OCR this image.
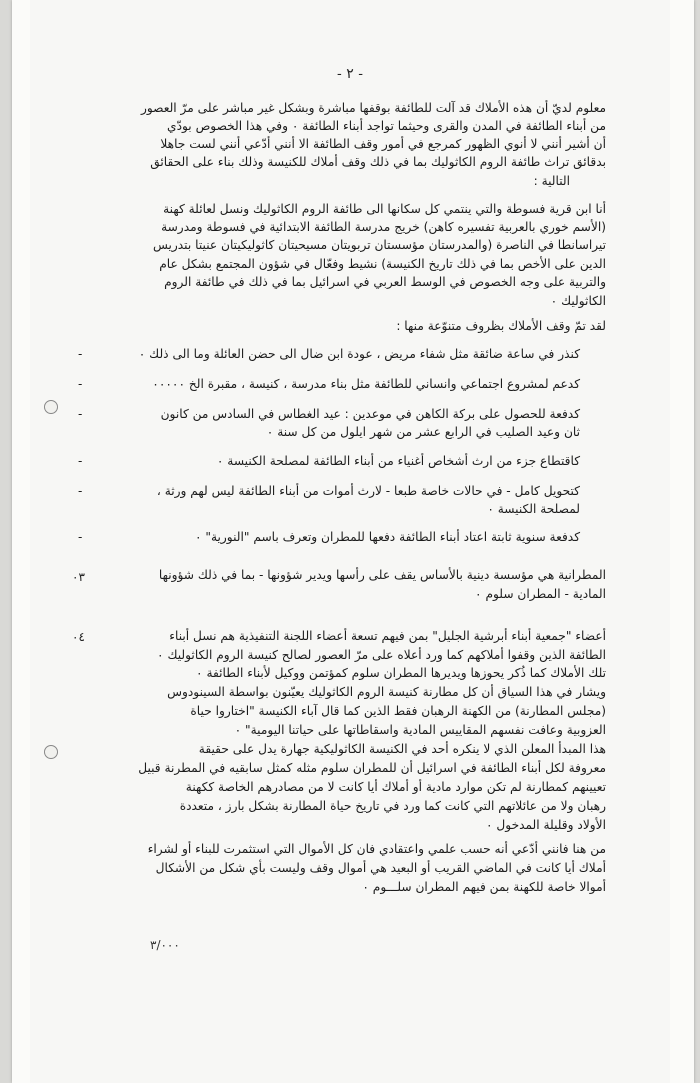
- ٢ -
معلوم لديّ أن هذه الأملاك قد آلت للطائفة بوقفها مباشرة وبشكل غير مباشر على مرّ العصور
من أبناء الطائفة في المدن والقرى وحيثما تواجد أبناء الطائفة ٠ وفي هذا الخصوص بودّي
أن أشير أنني لا أنوي الظهور كمرجع في أمور وقف الطائفة الا أنني أدّعي أنني لست جاهلا
بدقائق تراث طائفة الروم الكاثوليك بما في ذلك وقف أملاك للكنيسة وذلك بناء على الحقائق
التالية :
أنا ابن قرية فسوطة والتي ينتمي كل سكانها الى طائفة الروم الكاثوليك ونسل لعائلة كهنة
(الأسم خوري بالعربية تفسيره كاهن) خريج مدرسة الطائفة الابتدائية في فسوطة ومدرسة
تيراسانطا في الناصرة (والمدرستان مؤسستان تربويتان مسيحيتان كاثوليكيتان عنيتا بتدريس
الدين على الأخص بما في ذلك تاريخ الكنيسة) نشيط وفعّال في شؤون المجتمع بشكل عام
والتربية على وجه الخصوص في الوسط العربي في اسرائيل بما في ذلك في طائفة الروم
الكاثوليك ٠
لقد تمّ وقف الأملاك بظروف متنوّعة منها :
-	كنذر في ساعة ضائقة مثل شفاء مريض ، عودة ابن ضال الى حضن العائلة وما الى ذلك ٠
-	كدعم لمشروع اجتماعي وانساني للطائفة مثل بناء مدرسة ، كنيسة ، مقبرة الخ ٠٠٠٠٠
-	كدفعة للحصول على بركة الكاهن في موعدين : عيد الغطاس في السادس من كانون
ثان وعيد الصليب في الرابع عشر من شهر ايلول من كل سنة ٠
-	كاقتطاع جزء من ارث أشخاص أغنياء من أبناء الطائفة لمصلحة الكنيسة ٠
-	كتحويل كامل - في حالات خاصة طبعا - لارث أموات من أبناء الطائفة ليس لهم ورثة ،
لمصلحة الكنيسة ٠
-	كدفعة سنوية ثابتة اعتاد أبناء الطائفة دفعها للمطران وتعرف باسم "النورية" ٠
٠٣	المطرانية هي مؤسسة دينية بالأساس يقف على رأسها ويدير شؤونها - بما في ذلك شؤونها
المادية - المطران سلوم ٠
٠٤	أعضاء "جمعية أبناء أبرشية الجليل" بمن فيهم تسعة أعضاء اللجنة التنفيذية هم نسل أبناء
الطائفة الذين وقفوا أملاكهم كما ورد أعلاه على مرّ العصور لصالح كنيسة الروم الكاثوليك ٠
تلك الأملاك كما ذُكر يحوزها ويديرها المطران سلوم كمؤتمن ووكيل لأبناء الطائفة ٠
ويشار في هذا السياق أن كل مطارنة كنيسة الروم الكاثوليك يعيّنون بواسطة السينودوس
(مجلس المطارنة) من الكهنة الرهبان فقط الذين كما قال آباء الكنيسة "اختاروا حياة
العزوبية وعافت نفسهم المقاييس المادية واسقاطاتها على حياتنا اليومية" ٠
هذا المبدأ المعلن الذي لا ينكره أحد في الكنيسة الكاثوليكية جهارة يدل على حقيقة
معروفة لكل أبناء الطائفة في اسرائيل أن للمطران سلوم مثله كمثل سابقيه في المطرنة قبيل
تعيينهم كمطارنة لم تكن موارد مادية أو أملاك أيا كانت لا من مصادرهم الخاصة ككهنة
رهبان ولا من عائلاتهم التي كانت كما ورد في تاريخ حياة المطارنة بشكل بارز ، متعددة
الأولاد وقليلة المدخول ٠
من هنا فانني أدّعي أنه حسب علمي واعتقادي فان كل الأموال التي استثمرت للبناء أو لشراء
أملاك أيا كانت في الماضي القريب أو البعيد هي أموال وقف وليست بأي شكل من الأشكال
أموالا خاصة للكهنة بمن فيهم المطران سلـــوم ٠
٣/٠٠٠
